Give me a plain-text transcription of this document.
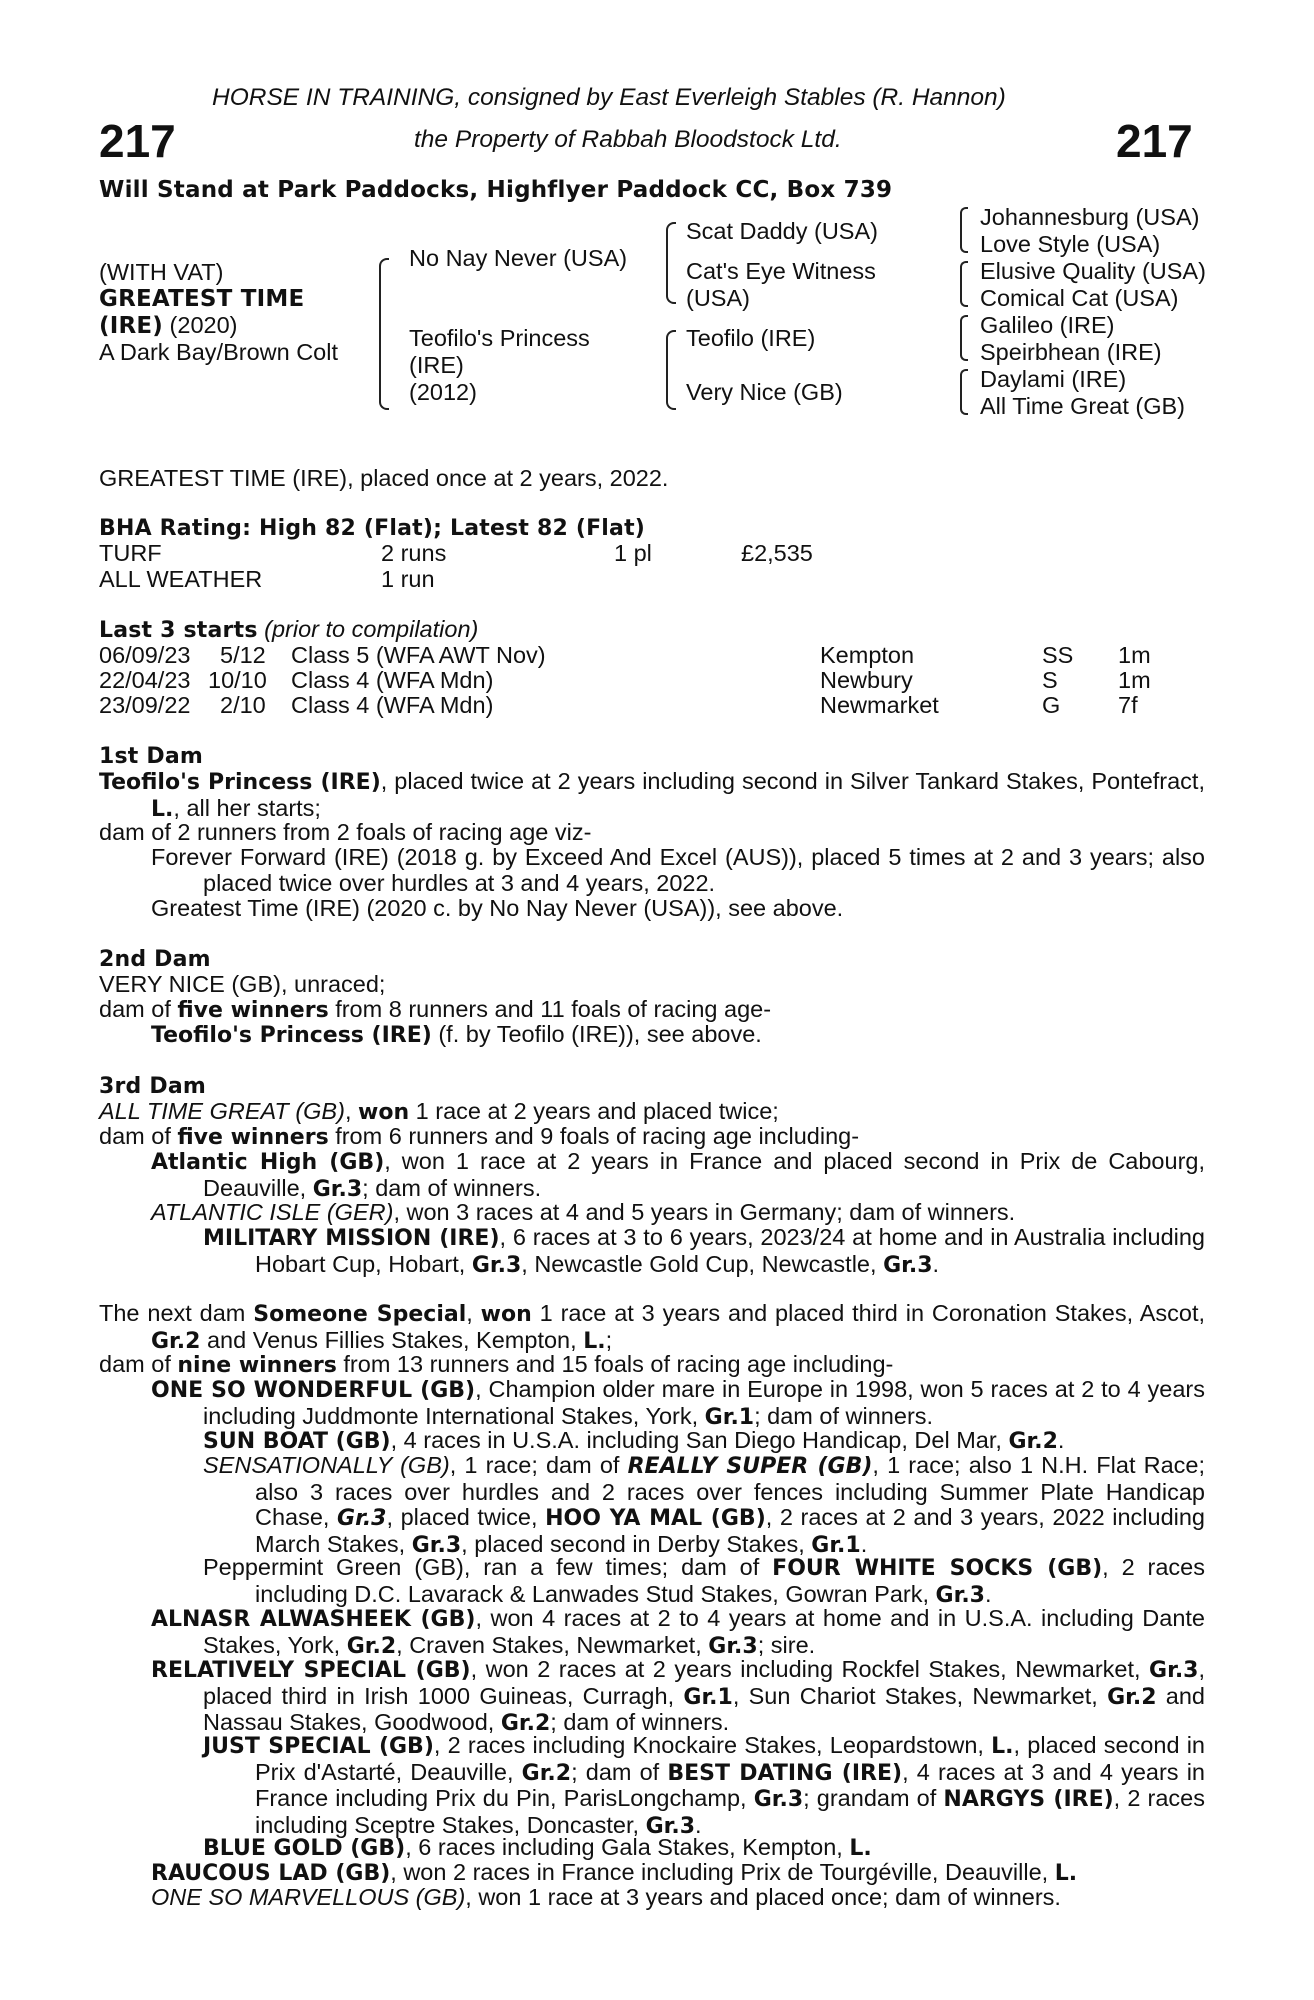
217	217
HORSE IN TRAINING, consigned by East Everleigh Stables (R. Hannon)
the Property of Rabbah Bloodstock Ltd.
Will Stand at Park Paddocks, Highflyer Paddock CC, Box 739
(WITH VAT)
GREATEST TIME
(IRE) (2020)
A Dark Bay/Brown Colt
No Nay Never (USA)
Teofilo's Princess
(IRE)
(2012)
Scat Daddy (USA)
Cat's Eye Witness
(USA)
Teofilo (IRE)
Very Nice (GB)
Johannesburg (USA)
Love Style (USA)
Elusive Quality (USA)
Comical Cat (USA)
Galileo (IRE)
Speirbhean (IRE)
Daylami (IRE)
All Time Great (GB)
GREATEST TIME (IRE), placed once at 2 years, 2022.
BHA Rating: High 82 (Flat); Latest 82 (Flat)
TURF	2 runs	1 pl	£2,535
ALL WEATHER	1 run
Last 3 starts (prior to compilation)
06/09/23 5/12 Class 5 (WFA AWT Nov)	Kempton	SS 1m
22/04/23 10/10 Class 4 (WFA Mdn)	Newbury	S	1m
23/09/22 2/10 Class 4 (WFA Mdn)	Newmarket	G 7f
1st Dam
Teofilo's Princess (IRE), placed twice at 2 years including second in Silver Tankard Stakes, Pontefract, L., all her starts;
dam of 2 runners from 2 foals of racing age viz-
Forever Forward (IRE) (2018 g. by Exceed And Excel (AUS)), placed 5 times at 2 and 3 years; also placed twice over hurdles at 3 and 4 years, 2022.
Greatest Time (IRE) (2020 c. by No Nay Never (USA)), see above.
2nd Dam
VERY NICE (GB), unraced;
dam of five winners from 8 runners and 11 foals of racing age-
Teofilo's Princess (IRE) (f. by Teofilo (IRE)), see above.
3rd Dam
ALL TIME GREAT (GB), won 1 race at 2 years and placed twice;
dam of five winners from 6 runners and 9 foals of racing age including-
Atlantic High (GB), won 1 race at 2 years in France and placed second in Prix de Cabourg, Deauville, Gr.3; dam of winners.
ATLANTIC ISLE (GER), won 3 races at 4 and 5 years in Germany; dam of winners.
MILITARY MISSION (IRE), 6 races at 3 to 6 years, 2023/24 at home and in Australia including Hobart Cup, Hobart, Gr.3, Newcastle Gold Cup, Newcastle, Gr.3.
The next dam Someone Special, won 1 race at 3 years and placed third in Coronation Stakes, Ascot, Gr.2 and Venus Fillies Stakes, Kempton, L.;
dam of nine winners from 13 runners and 15 foals of racing age including-
ONE SO WONDERFUL (GB), Champion older mare in Europe in 1998, won 5 races at 2 to 4 years including Juddmonte International Stakes, York, Gr.1; dam of winners.
SUN BOAT (GB), 4 races in U.S.A. including San Diego Handicap, Del Mar, Gr.2.
SENSATIONALLY (GB), 1 race; dam of REALLY SUPER (GB), 1 race; also 1 N.H. Flat Race; also 3 races over hurdles and 2 races over fences including Summer Plate Handicap Chase, Gr.3, placed twice, HOO YA MAL (GB), 2 races at 2 and 3 years, 2022 including March Stakes, Gr.3, placed second in Derby Stakes, Gr.1.
Peppermint Green (GB), ran a few times; dam of FOUR WHITE SOCKS (GB), 2 races including D.C. Lavarack & Lanwades Stud Stakes, Gowran Park, Gr.3.
ALNASR ALWASHEEK (GB), won 4 races at 2 to 4 years at home and in U.S.A. including Dante Stakes, York, Gr.2, Craven Stakes, Newmarket, Gr.3; sire.
RELATIVELY SPECIAL (GB), won 2 races at 2 years including Rockfel Stakes, Newmarket, Gr.3, placed third in Irish 1000 Guineas, Curragh, Gr.1, Sun Chariot Stakes, Newmarket, Gr.2 and Nassau Stakes, Goodwood, Gr.2; dam of winners.
JUST SPECIAL (GB), 2 races including Knockaire Stakes, Leopardstown, L., placed second in Prix d'Astarté, Deauville, Gr.2; dam of BEST DATING (IRE), 4 races at 3 and 4 years in France including Prix du Pin, ParisLongchamp, Gr.3; grandam of NARGYS (IRE), 2 races including Sceptre Stakes, Doncaster, Gr.3.
BLUE GOLD (GB), 6 races including Gala Stakes, Kempton, L.
RAUCOUS LAD (GB), won 2 races in France including Prix de Tourgéville, Deauville, L.
ONE SO MARVELLOUS (GB), won 1 race at 3 years and placed once; dam of winners.
